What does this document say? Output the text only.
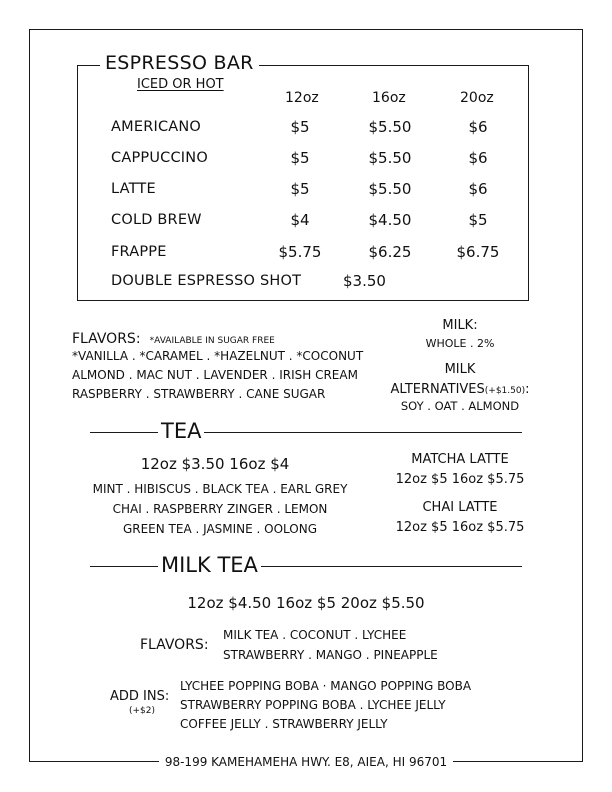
ESPRESSO BAR
ICED OR HOT
12oz	16oz	20oz
AMERICANO	$5	$5.50	$6
CAPPUCCINO	$5	$5.50	$6
LATTE	$5	$5.50	$6
COLD BREW	$4	$4.50	$5
FRAPPE	$5.75	$6.25	$6.75
DOUBLE ESPRESSO SHOT	$3.50
FLAVORS: *AVAILABLE IN SUGAR FREE
*VANILLA . *CARAMEL . *HAZELNUT . *COCONUT
ALMOND . MAC NUT . LAVENDER . IRISH CREAM
RASPBERRY . STRAWBERRY . CANE SUGAR
MILK:
WHOLE . 2%
MILK
ALTERNATIVES(+$1.50):
SOY . OAT . ALMOND
TEA
12oz $3.50 16oz $4
MINT . HIBISCUS . BLACK TEA . EARL GREY
CHAI . RASPBERRY ZINGER . LEMON
GREEN TEA . JASMINE . OOLONG
MATCHA LATTE
12oz $5 16oz $5.75
CHAI LATTE
12oz $5 16oz $5.75
MILK TEA
12oz $4.50 16oz $5 20oz $5.50
FLAVORS:
MILK TEA . COCONUT . LYCHEE
STRAWBERRY . MANGO . PINEAPPLE
ADD INS:
(+$2)
LYCHEE POPPING BOBA · MANGO POPPING BOBA
STRAWBERRY POPPING BOBA . LYCHEE JELLY
COFFEE JELLY . STRAWBERRY JELLY
98-199 KAMEHAMEHA HWY. E8, AIEA, HI 96701
